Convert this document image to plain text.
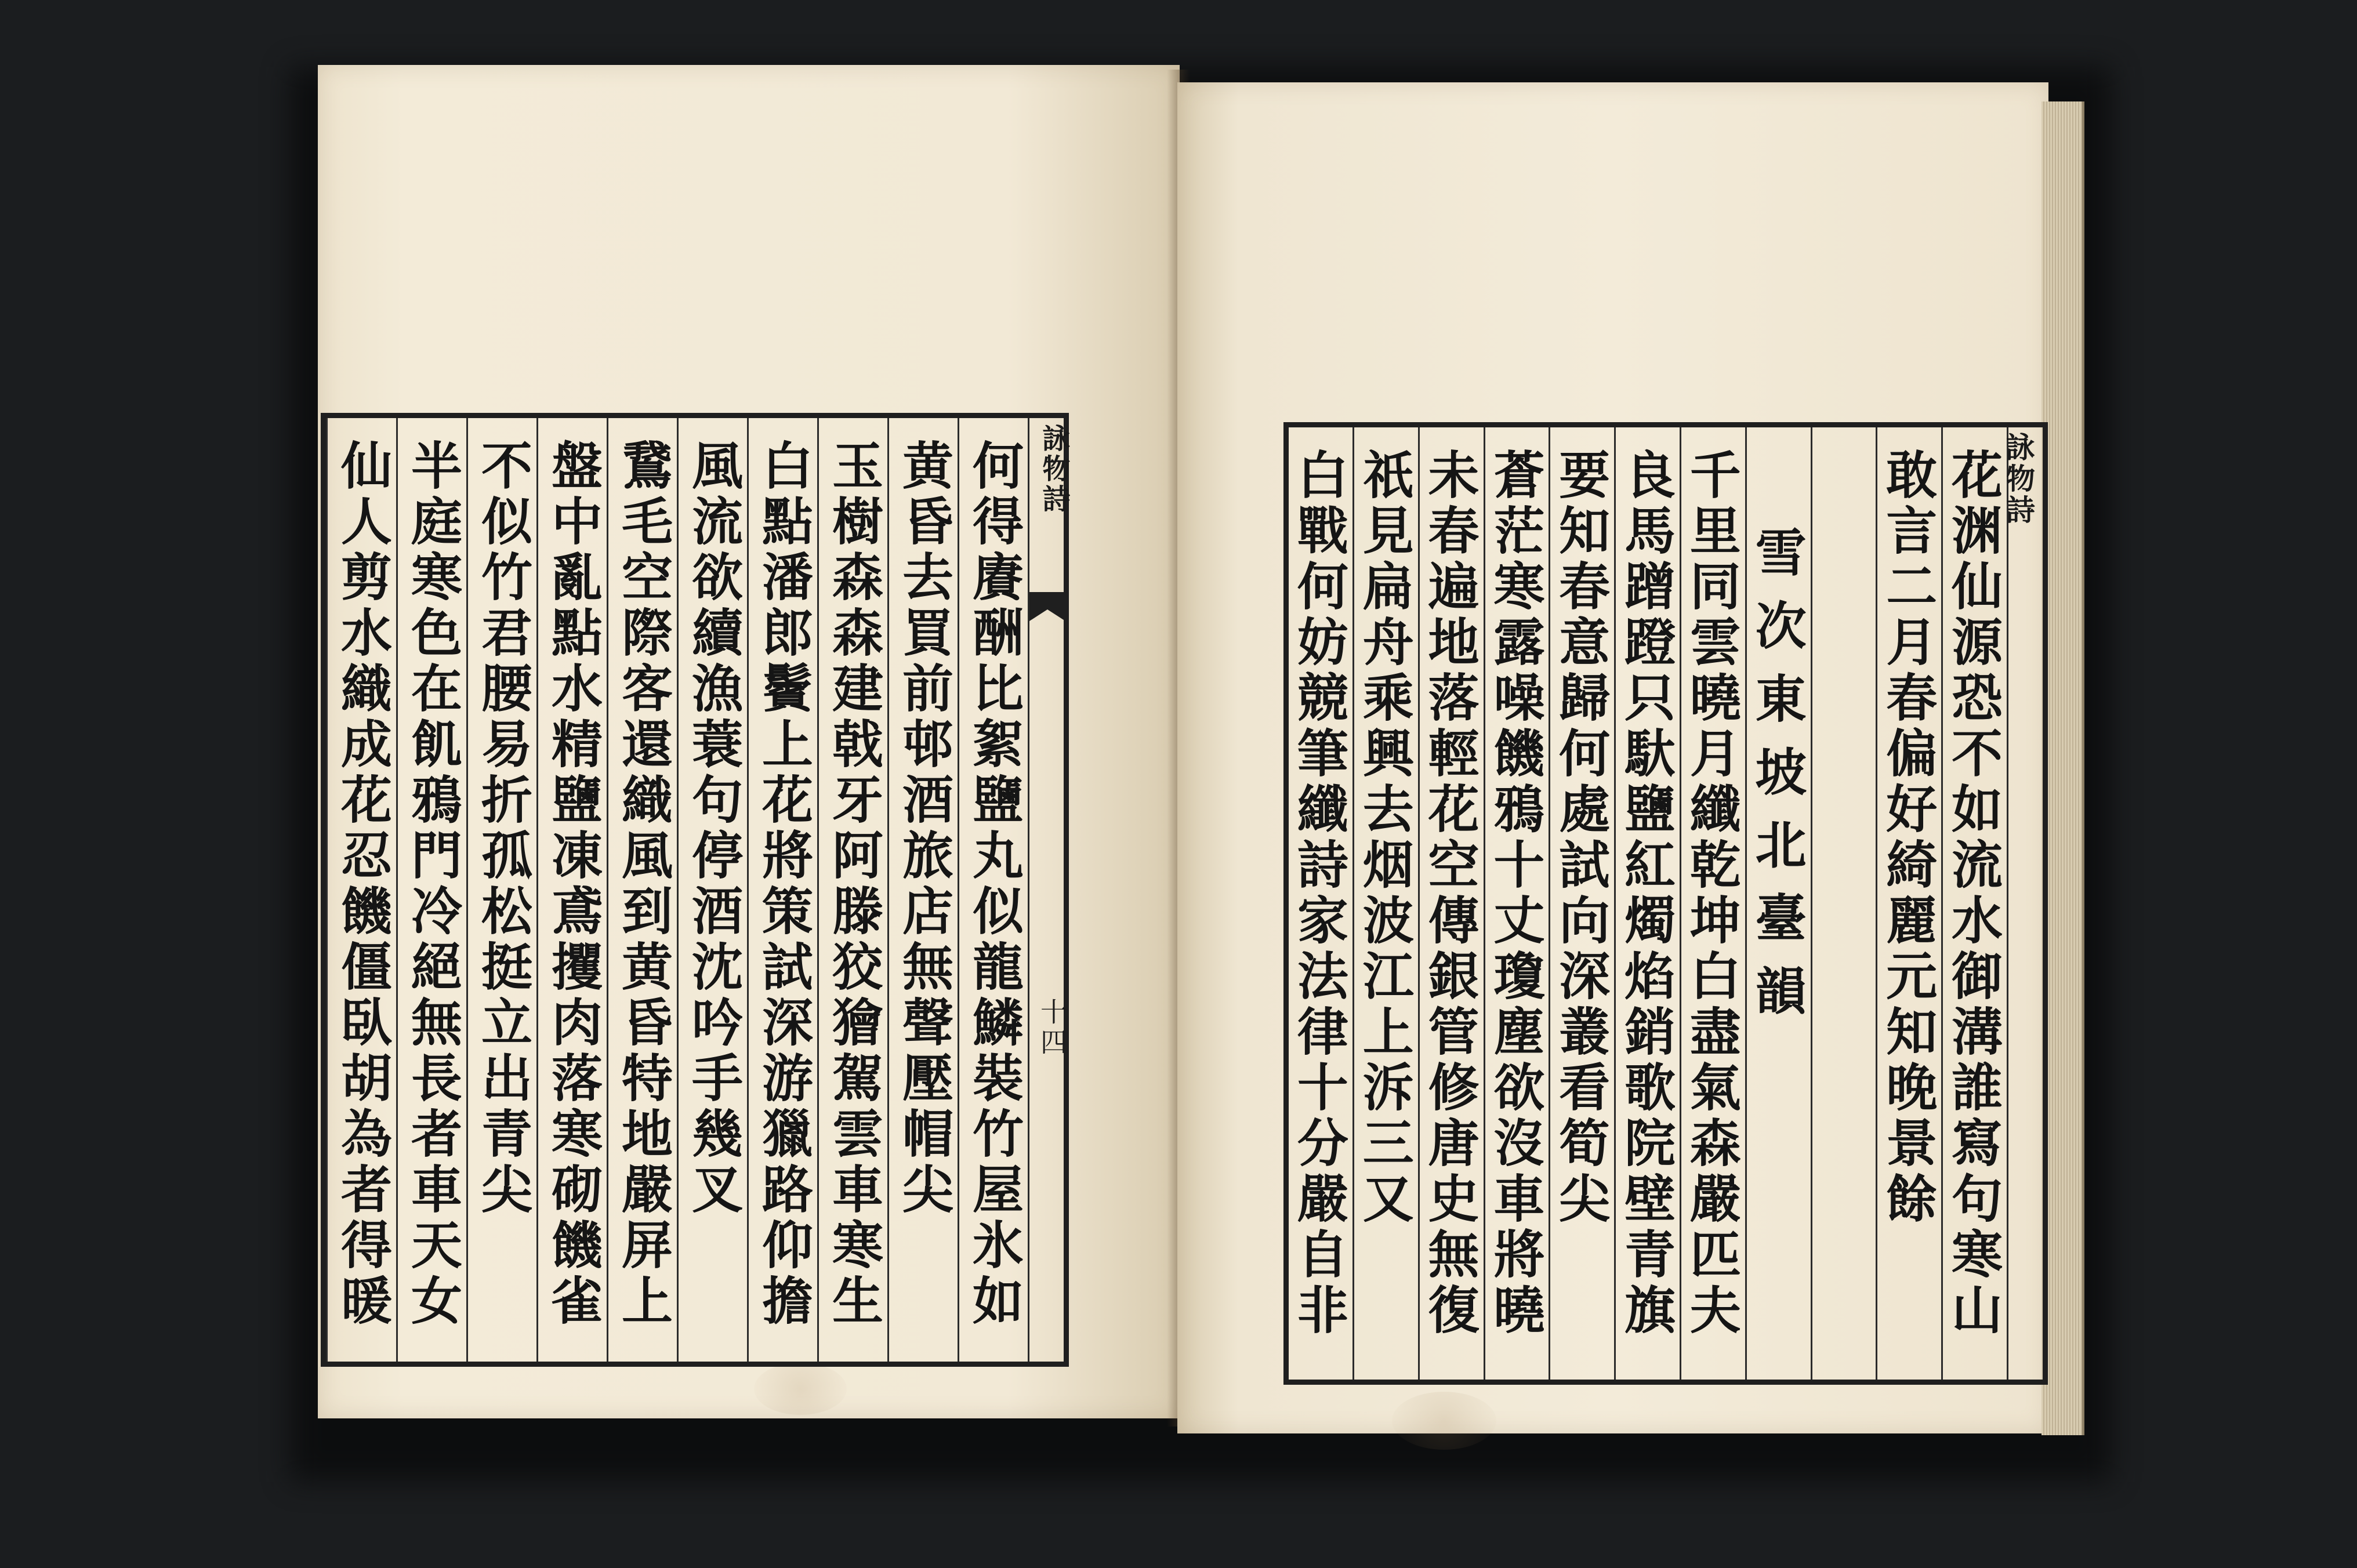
何得賡酬比絮鹽丸似龍鱗裝竹屋氷如
黄昏去買前邨酒旅店無聲壓帽尖
玉樹森森建戟牙阿滕狡獪駕雲車寒生
白點潘郎鬢上花將策試深游獵路仰擔
風流欲續漁蓑句停酒沈吟手幾叉
鵞毛空際客還織風到黄昏特地嚴屏上
盤中亂點水精鹽凍鳶攫肉落寒砌饑雀
不似竹君腰易折孤松挺立出青尖
半庭寒色在飢鴉門冷絕無長者車天女
仙人剪水織成花忍饑僵臥胡為者得暖
詠物詩
十四
詠物詩
花渊仙源恐不如流水御溝誰寫句寒山
敢言二月春偏好綺麗元知晚景餘
雪次東坡北臺韻
千里同雲曉月纖乾坤白盡氣森嚴匹夫
良馬蹭蹬只馱鹽紅燭焰銷歌院壁青旗
要知春意歸何處試向深叢看筍尖
蒼茫寒露噪饑鴉十丈瓊塵欲沒車將曉
未春遍地落輕花空傳銀管修唐史無復
祇見扁舟乘興去烟波江上泝三又
白戰何妨競筆纖詩家法律十分嚴自非
